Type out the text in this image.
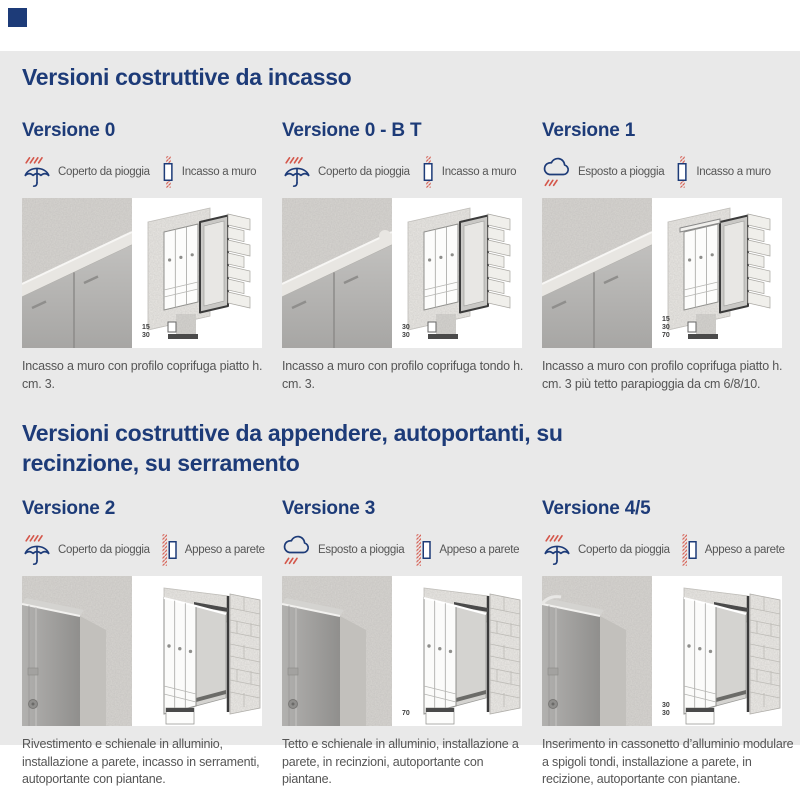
Versioni costruttive da incasso
Versione 0
Coperto da pioggia	Incasso a muro
15
30

Incasso a muro con profilo coprifuga piatto h. cm. 3.

Versione 0 - B T
Coperto da pioggia	Incasso a muro
30
30

Incasso a muro con profilo coprifuga tondo h. cm. 3.

Versione 1
Esposto a pioggia	Incasso a muro
15
30
70

Incasso a muro con profilo coprifuga piatto h. cm. 3 più tetto parapioggia da cm 6/8/10.

Versioni costruttive da appendere, autoportanti, su recinzione, su serramento
Versione 2
Coperto da pioggia	Appeso a parete

Rivestimento e schienale in alluminio, installazione a parete, incasso in serramenti, autoportante con piantane.

Versione 3
Esposto a pioggia	Appeso a parete
70

Tetto e schienale in alluminio, installazione a parete, in recinzioni, autoportante con piantane.

Versione 4/5
Coperto da pioggia	Appeso a parete
30
30

Inserimento in cassonetto d’alluminio modulare a spigoli tondi, installazione a parete, in recizione, autoportante con piantane.
